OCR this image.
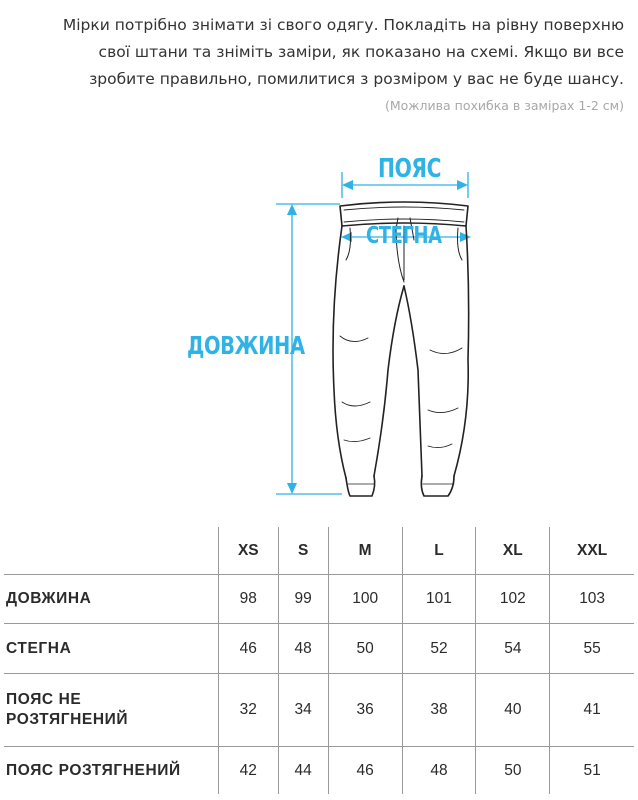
Мірки потрібно знімати зі свого одягу. Покладіть на рівну поверхню
свої штани та зніміть заміри, як показано на схемі. Якщо ви все
зробите правильно, помилитися з розміром у вас не буде шансу.
(Можлива похибка в замірах 1-2 см)
ПОЯС
СТЕГНА
ДОВЖИНА
	XS	S	M	L	XL	XXL
ДОВЖИНА	98	99	100	101	102	103
СТЕГНА	46	48	50	52	54	55

ПОЯС НЕ
РОЗТЯГНЕНИЙ	32	34	36	38	40	41
ПОЯС РОЗТЯГНЕНИЙ	42	44	46	48	50	51
